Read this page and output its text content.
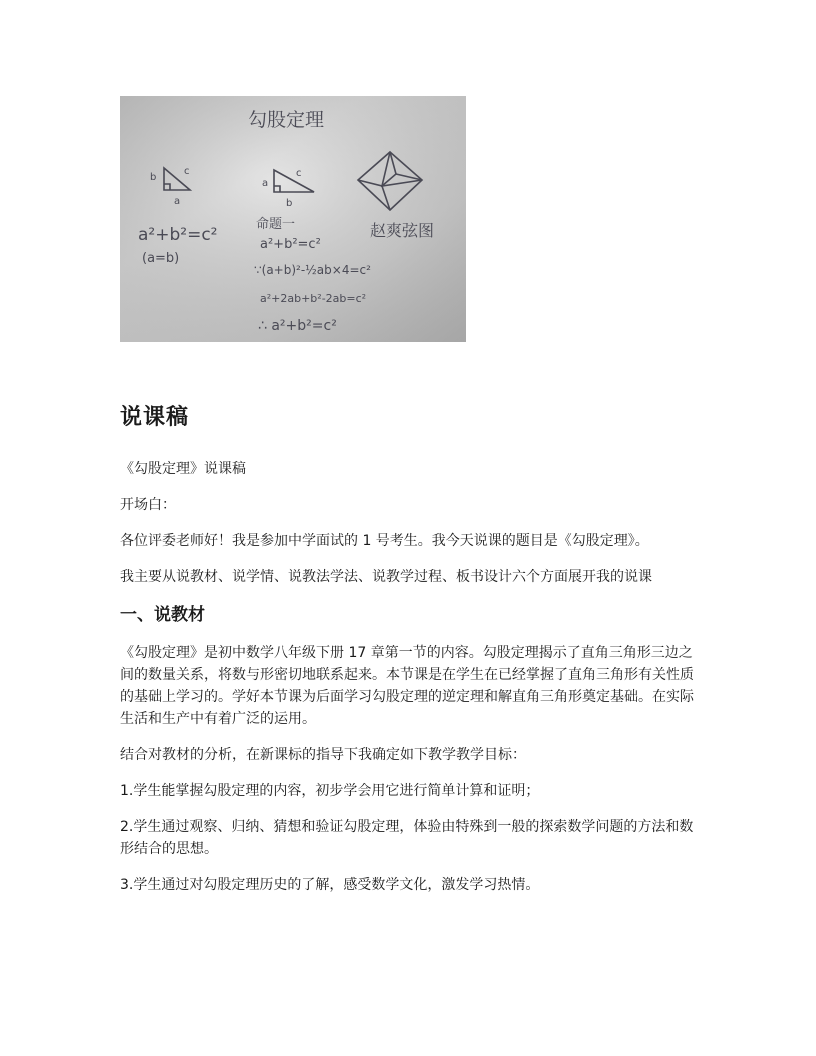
勾股定理
b
c
a
a²+b²=c²
(a=b)
a
c
b
命题一
a²+b²=c²
∵(a+b)²-½ab×4=c²
a²+2ab+b²-2ab=c²
∴ a²+b²=c²
赵爽弦图
说课稿

《勾股定理》说课稿

开场白：

各位评委老师好！我是参加中学面试的 1 号考生。我今天说课的题目是《勾股定理》。

我主要从说教材、说学情、说教法学法、说教学过程、板书设计六个方面展开我的说课

一、说教材

《勾股定理》是初中数学八年级下册 17 章第一节的内容。勾股定理揭示了直角三角形三边之间的数量关系，将数与形密切地联系起来。本节课是在学生在已经掌握了直角三角形有关性质的基础上学习的。学好本节课为后面学习勾股定理的逆定理和解直角三角形奠定基础。在实际生活和生产中有着广泛的运用。

结合对教材的分析，在新课标的指导下我确定如下教学教学目标：

1.学生能掌握勾股定理的内容，初步学会用它进行简单计算和证明；

2.学生通过观察、归纳、猜想和验证勾股定理，体验由特殊到一般的探索数学问题的方法和数形结合的思想。

3.学生通过对勾股定理历史的了解，感受数学文化，激发学习热情。
